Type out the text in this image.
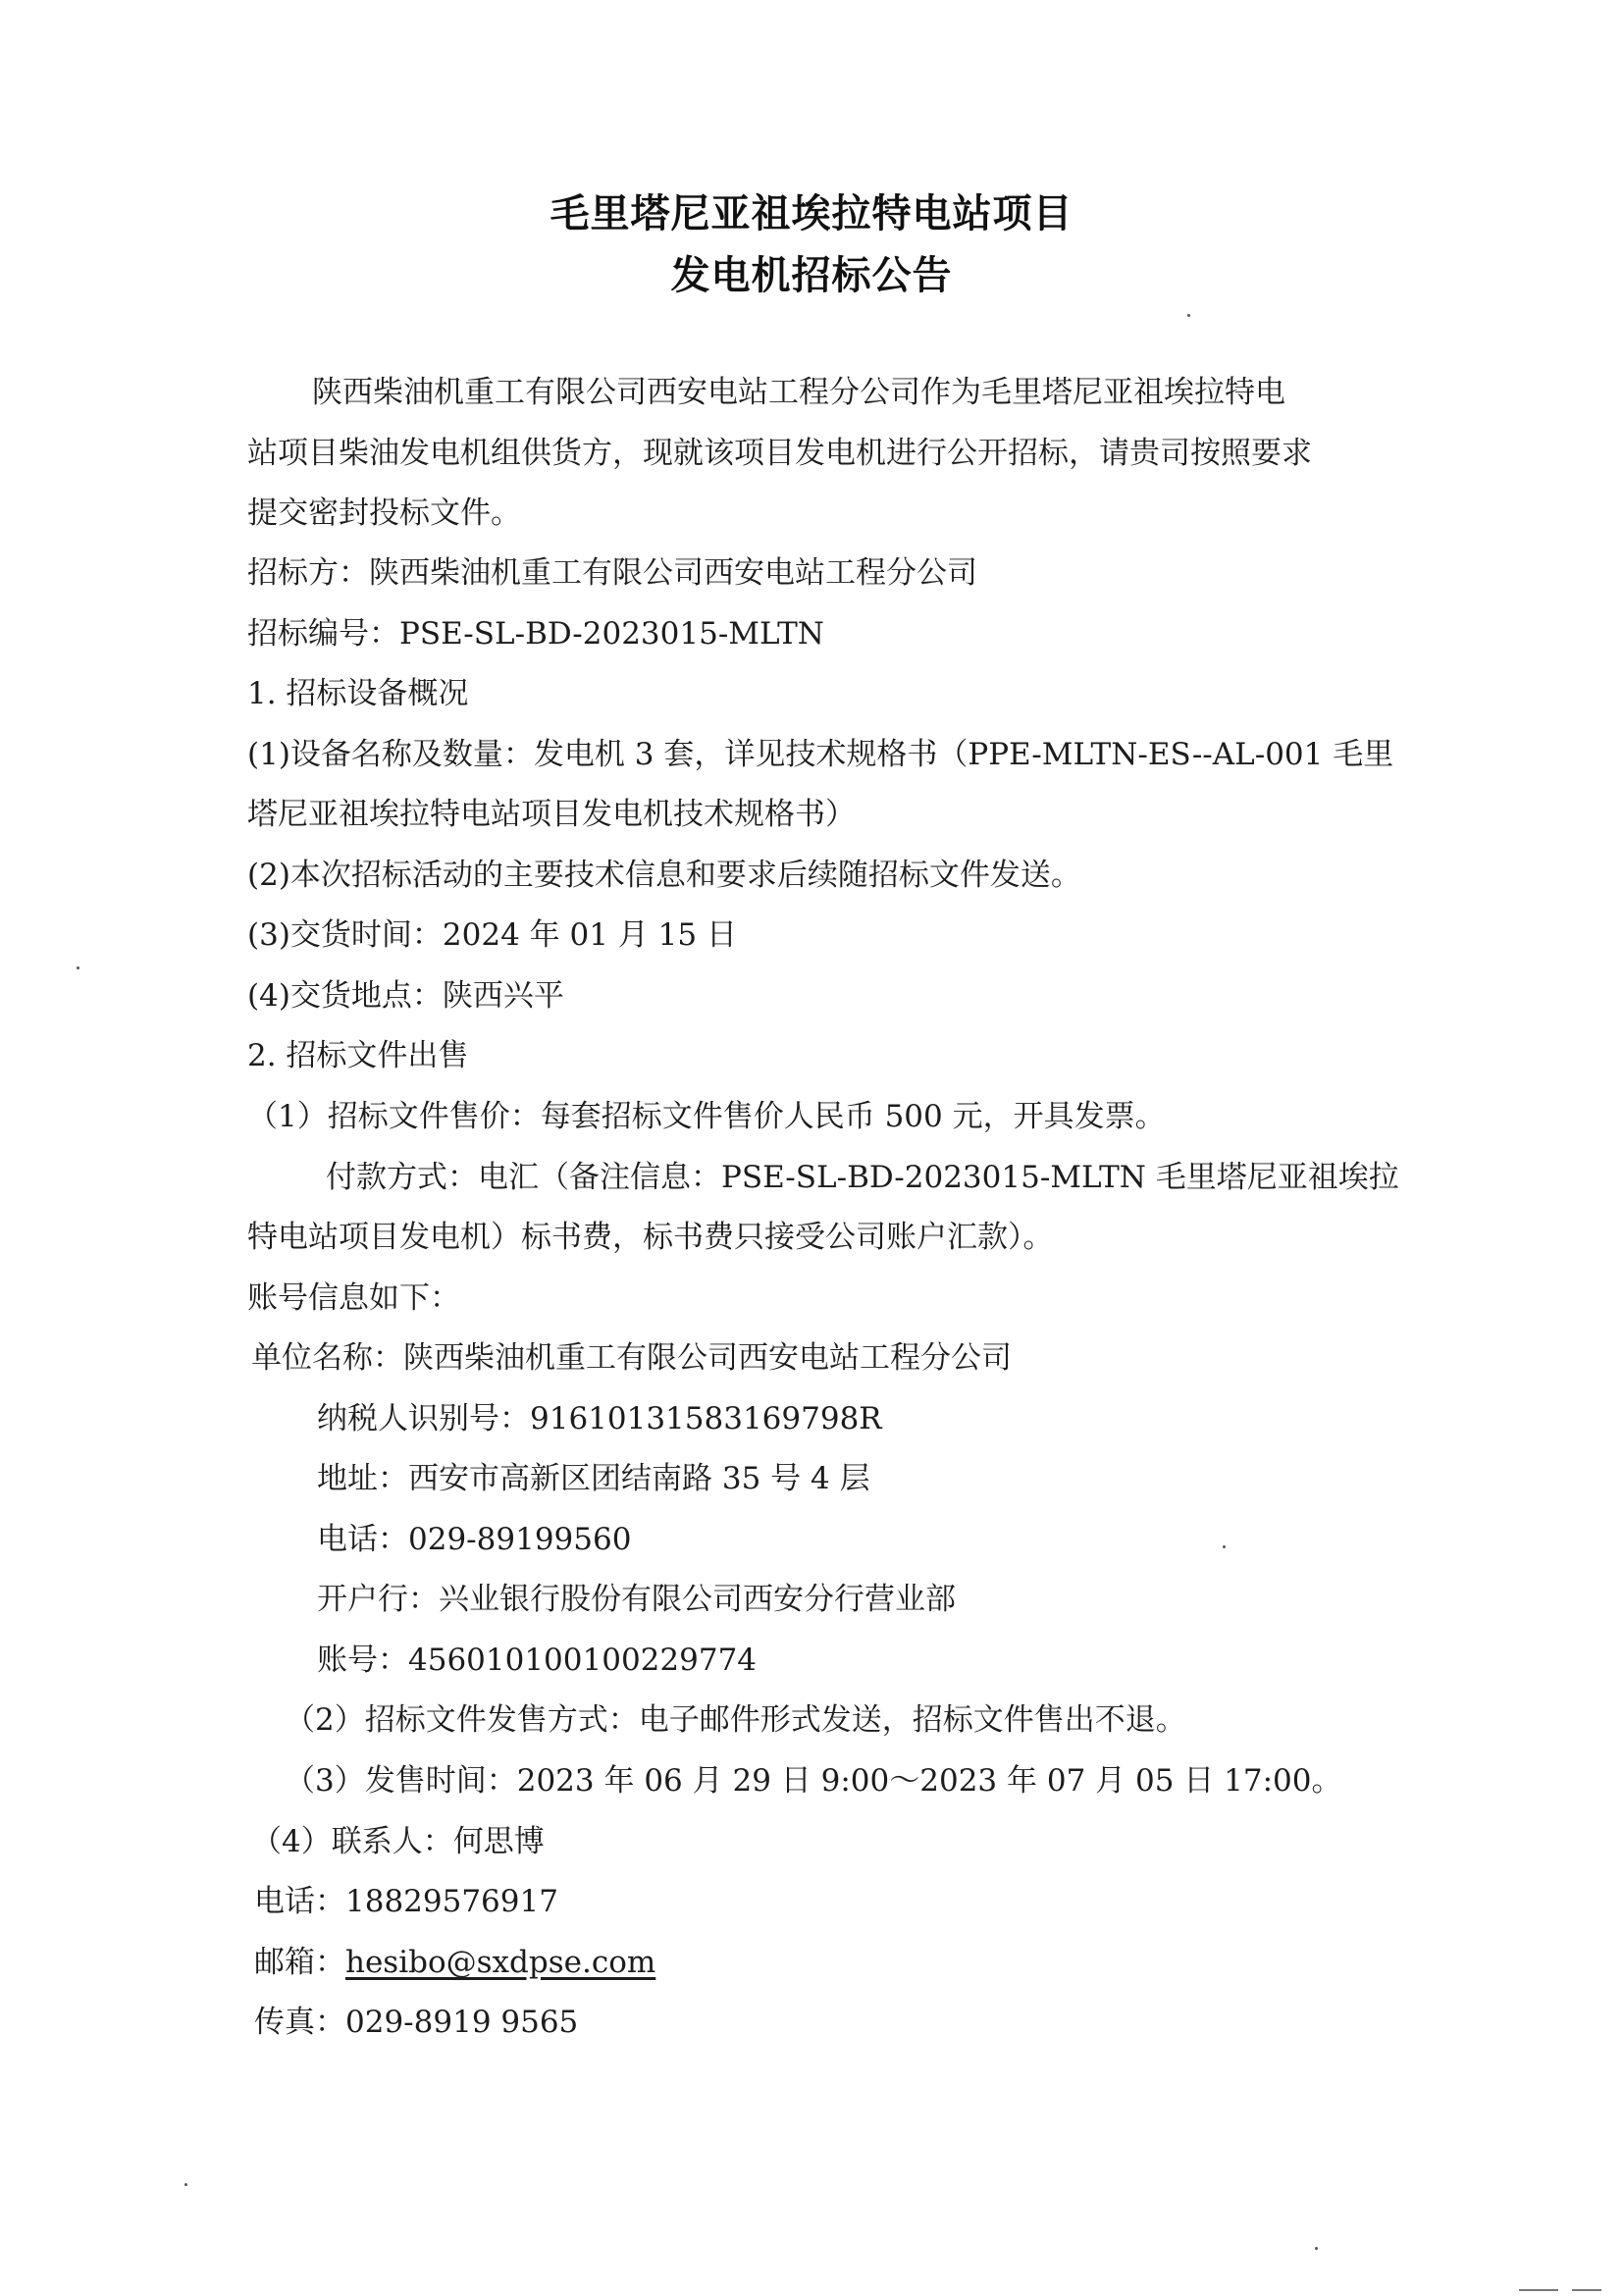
毛里塔尼亚祖埃拉特电站项目
发电机招标公告
陕西柴油机重工有限公司西安电站工程分公司作为毛里塔尼亚祖埃拉特电
站项目柴油发电机组供货方，现就该项目发电机进行公开招标，请贵司按照要求
提交密封投标文件。
招标方：陕西柴油机重工有限公司西安电站工程分公司
招标编号：PSE-SL-BD-2023015-MLTN
1. 招标设备概况
(1)设备名称及数量：发电机 3 套，详见技术规格书（PPE-MLTN-ES--AL-001 毛里
塔尼亚祖埃拉特电站项目发电机技术规格书）
(2)本次招标活动的主要技术信息和要求后续随招标文件发送。
(3)交货时间：2024 年 01 月 15 日
(4)交货地点：陕西兴平
2. 招标文件出售
（1）招标文件售价：每套招标文件售价人民币 500 元，开具发票。
付款方式：电汇（备注信息：PSE-SL-BD-2023015-MLTN 毛里塔尼亚祖埃拉
特电站项目发电机）标书费，标书费只接受公司账户汇款）。
账号信息如下：
单位名称：陕西柴油机重工有限公司西安电站工程分公司
纳税人识别号：91610131583169798R
地址：西安市高新区团结南路 35 号 4 层
电话：029-89199560
开户行：兴业银行股份有限公司西安分行营业部
账号：456010100100229774
（2）招标文件发售方式：电子邮件形式发送，招标文件售出不退。
（3）发售时间：2023 年 06 月 29 日 9:00～2023 年 07 月 05 日 17:00。
（4）联系人：何思博
电话：18829576917
邮箱：hesibo@sxdpse.com
传真：029-8919 9565
